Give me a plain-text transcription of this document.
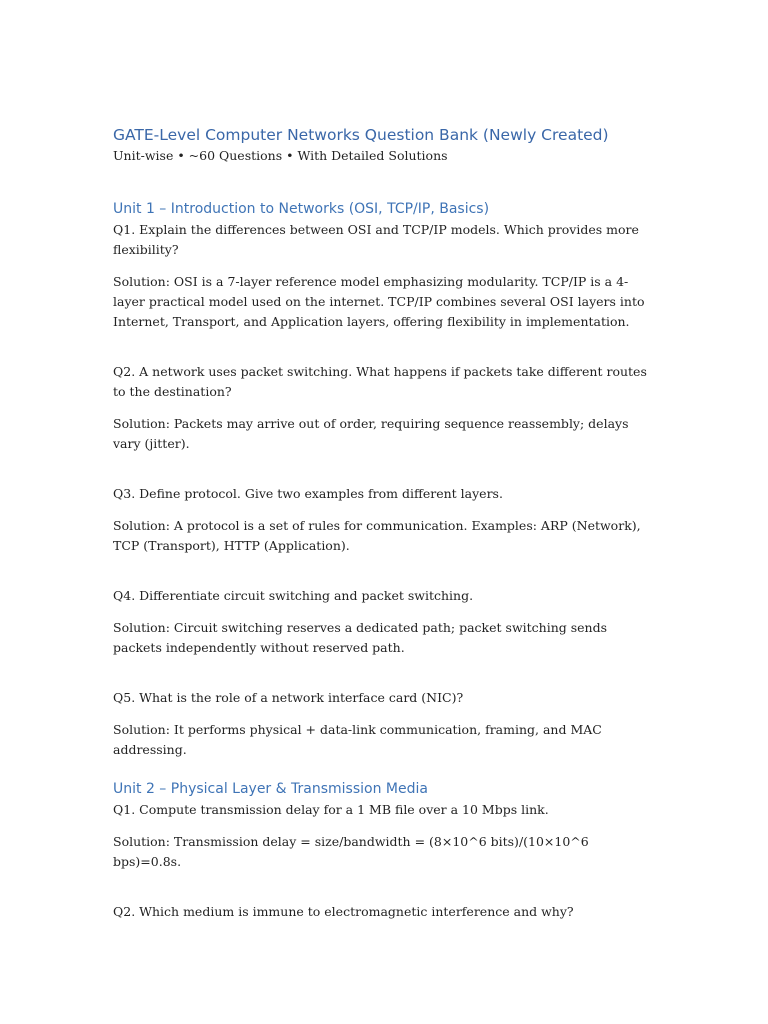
GATE-Level Computer Networks Question Bank (Newly Created)

Unit-wise • ~60 Questions • With Detailed Solutions

Unit 1 – Introduction to Networks (OSI, TCP/IP, Basics)

Q1. Explain the differences between OSI and TCP/IP models. Which provides more flexibility?

Solution: OSI is a 7-layer reference model emphasizing modularity. TCP/IP is a 4-layer practical model used on the internet. TCP/IP combines several OSI layers into Internet, Transport, and Application layers, offering flexibility in implementation.

Q2. A network uses packet switching. What happens if packets take different routes to the destination?

Solution: Packets may arrive out of order, requiring sequence reassembly; delays vary (jitter).

Q3. Define protocol. Give two examples from different layers.

Solution: A protocol is a set of rules for communication. Examples: ARP (Network), TCP (Transport), HTTP (Application).

Q4. Differentiate circuit switching and packet switching.

Solution: Circuit switching reserves a dedicated path; packet switching sends packets independently without reserved path.

Q5. What is the role of a network interface card (NIC)?

Solution: It performs physical + data-link communication, framing, and MAC addressing.

Unit 2 – Physical Layer & Transmission Media

Q1. Compute transmission delay for a 1 MB file over a 10 Mbps link.

Solution: Transmission delay = size/bandwidth = (8×10^6 bits)/(10×10^6 bps)=0.8s.

Q2. Which medium is immune to electromagnetic interference and why?
